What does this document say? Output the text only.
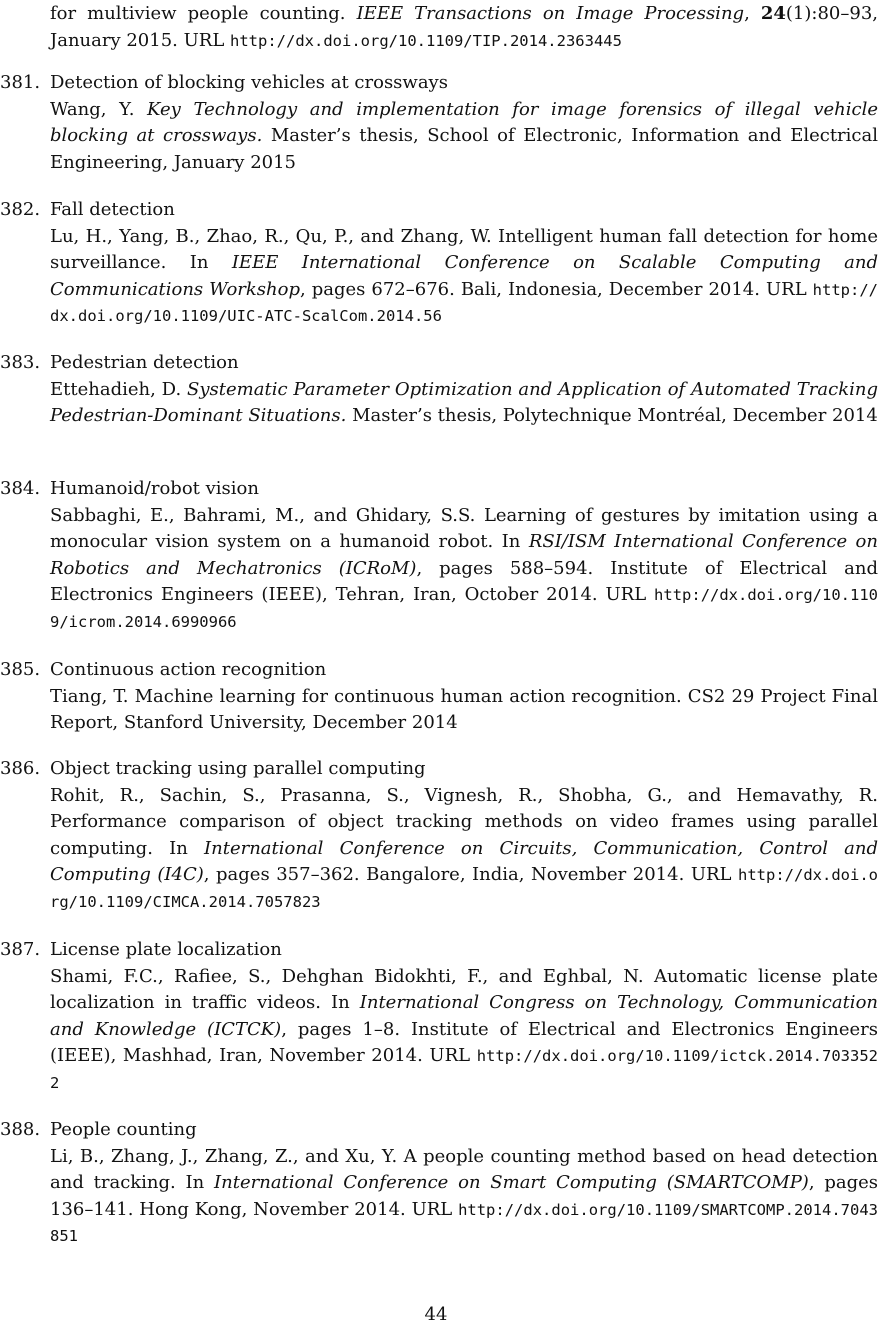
for multiview people counting. IEEE Transactions on Image Processing, 24(1):80–93, January 2015. URL http://dx.doi.org/10.1109/TIP.2014.2363445
381. Detection of blocking vehicles at crossways
Wang, Y. Key Technology and implementation for image forensics of illegal vehicle blocking at crossways. Master’s thesis, School of Electronic, Information and Electrical Engineering, January 2015
382. Fall detection
Lu, H., Yang, B., Zhao, R., Qu, P., and Zhang, W. Intelligent human fall detection for home surveillance. In IEEE International Conference on Scalable Computing and Communications Workshop, pages 672–676. Bali, Indonesia, December 2014. URL http://dx.doi.org/10.1109/UIC-ATC-ScalCom.2014.56
383. Pedestrian detection
Ettehadieh, D. Systematic Parameter Optimization and Application of Automated Tracking Pedestrian-Dominant Situations. Master’s thesis, Polytechnique Montréal, December 2014
384. Humanoid/robot vision
Sabbaghi, E., Bahrami, M., and Ghidary, S.S. Learning of gestures by imitation using a monocular vision system on a humanoid robot. In RSI/ISM International Conference on Robotics and Mechatronics (ICRoM), pages 588–594. Institute of Electrical and Electronics Engineers (IEEE), Tehran, Iran, October 2014. URL http://dx.doi.org/10.1109/icrom.2014.6990966
385. Continuous action recognition
Tiang, T. Machine learning for continuous human action recognition. CS2 29 Project Final Report, Stanford University, December 2014
386. Object tracking using parallel computing
Rohit, R., Sachin, S., Prasanna, S., Vignesh, R., Shobha, G., and Hemavathy, R. Performance comparison of object tracking methods on video frames using parallel computing. In International Conference on Circuits, Communication, Control and Computing (I4C), pages 357–362. Bangalore, India, November 2014. URL http://dx.doi.org/10.1109/CIMCA.2014.7057823
387. License plate localization
Shami, F.C., Rafiee, S., Dehghan Bidokhti, F., and Eghbal, N. Automatic license plate localization in traffic videos. In International Congress on Technology, Communication and Knowledge (ICTCK), pages 1–8. Institute of Electrical and Electronics Engineers (IEEE), Mashhad, Iran, November 2014. URL http://dx.doi.org/10.1109/ictck.2014.7033522
388. People counting
Li, B., Zhang, J., Zhang, Z., and Xu, Y. A people counting method based on head detection and tracking. In International Conference on Smart Computing (SMARTCOMP), pages 136–141. Hong Kong, November 2014. URL http://dx.doi.org/10.1109/SMARTCOMP.2014.7043851
44
